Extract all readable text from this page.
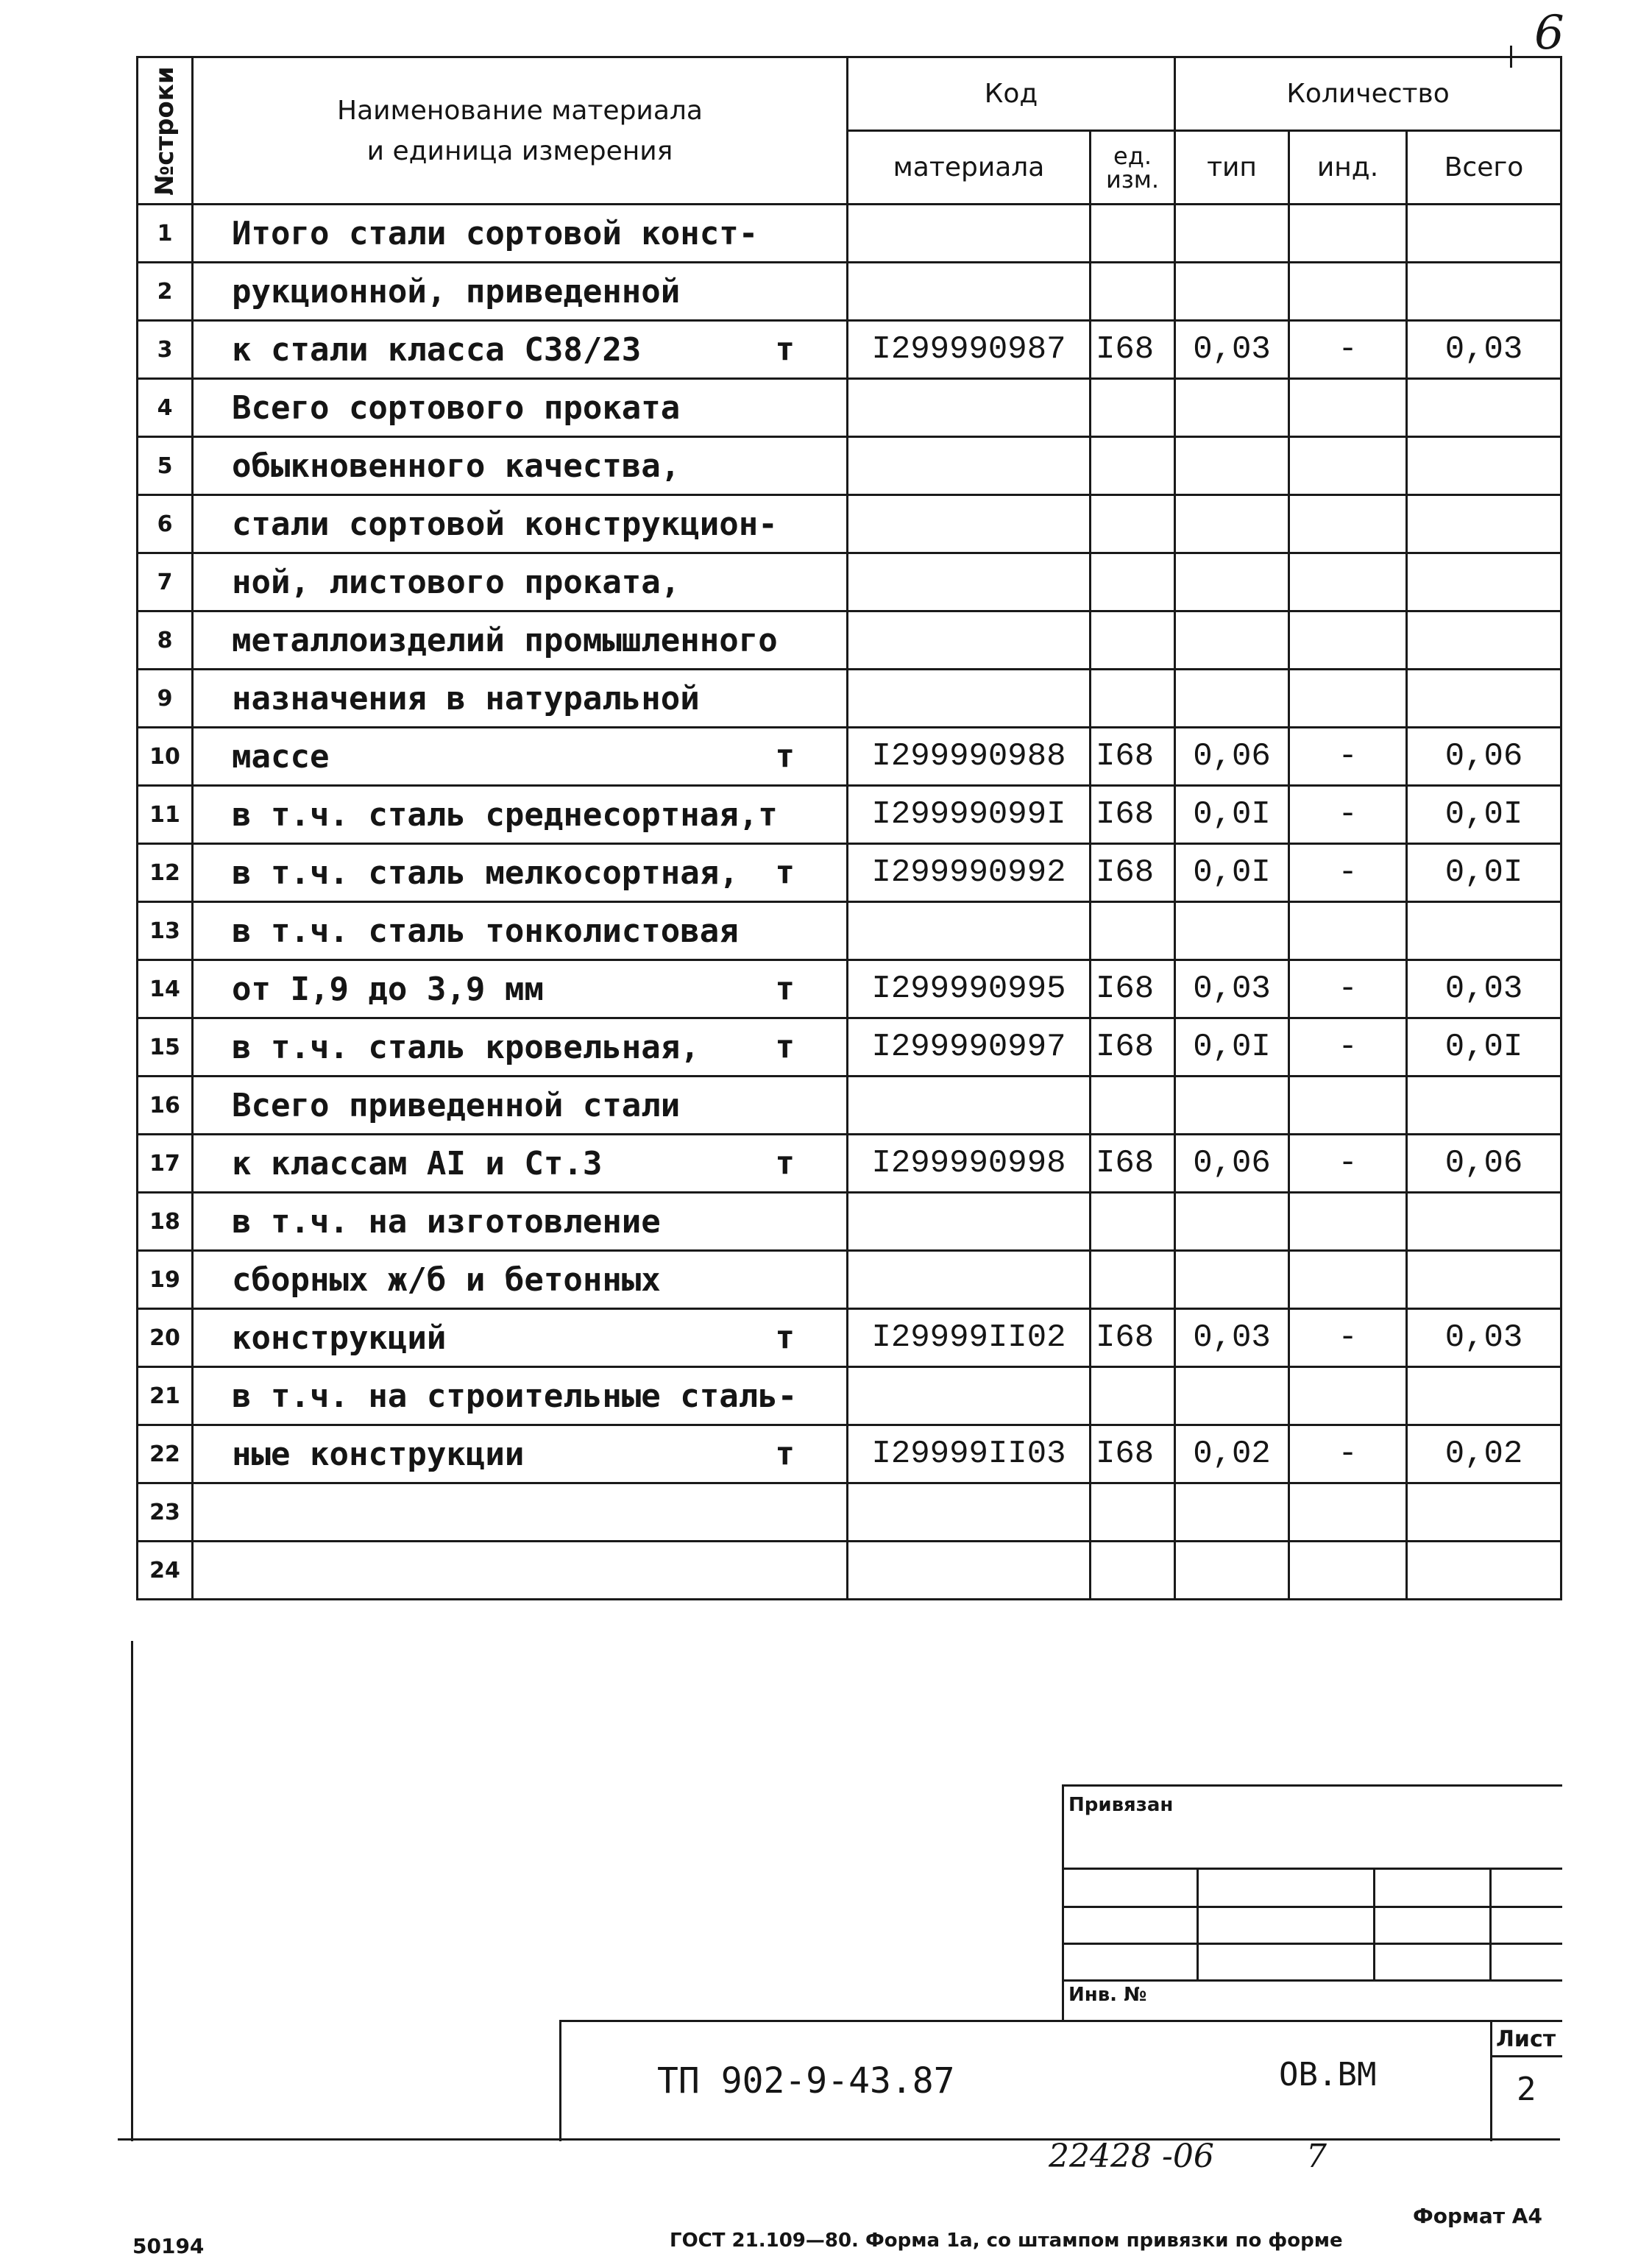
6
№строки	Наименование материала
и единица измерения	Код		Количество		
		материала	ед. изм.	тип	инд.	Всего
1	Итого стали сортовой конст-					
2	рукционной, приведенной					
3	к стали класса С38/23 т	I299990987	I68	0,03	-	0,03
4	Всего сортового проката					
5	обыкновенного качества,					
6	стали сортовой конструкцион-					
7	ной, листового проката,					
8	металлоизделий промышленного					
9	назначения в натуральной					
10	массе т	I299990988	I68	0,06	-	0,06
11	в т.ч. сталь среднесортная,т	I29999099I	I68	0,0I	-	0,0I
12	в т.ч. сталь мелкосортная, т	I299990992	I68	0,0I	-	0,0I
13	в т.ч. сталь тонколистовая					
14	от I,9 до 3,9 мм т	I299990995	I68	0,03	-	0,03
15	в т.ч. сталь кровельная, т	I299990997	I68	0,0I	-	0,0I
16	Всего приведенной стали					
17	к классам AI и Ст.3 т	I299990998	I68	0,06	-	0,06
18	в т.ч. на изготовление					
19	сборных ж/б и бетонных					
20	конструкций т	I29999II02	I68	0,03	-	0,03
21	в т.ч. на строительные сталь-					
22	ные конструкции т	I29999II03	I68	0,02	-	0,02
23						
24						
Привязан
Инв. №
ТП 902-9-43.87	ОВ.ВМ
Лист
2
22428 -06	7
Формат А4
ГОСТ 21.109—80. Форма 1а, со штампом привязки по форме
50194
